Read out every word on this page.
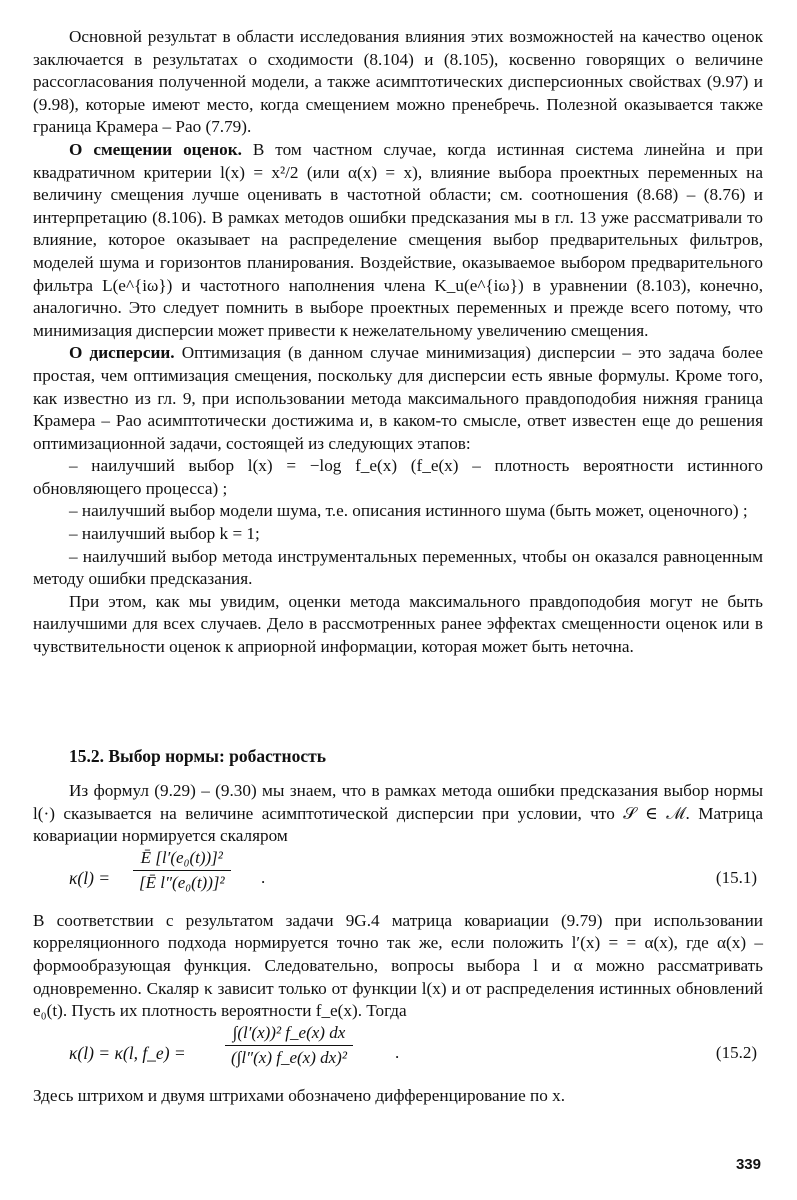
Основной результат в области исследования влияния этих возможностей на качество оценок заключается в результатах о сходимости (8.104) и (8.105), косвенно говорящих о величине рассогласования полученной модели, а также асимптотических дисперсионных свойствах (9.97) и (9.98), которые имеют место, когда смещением можно пренебречь. Полезной оказывается также граница Крамера – Рао (7.79).

О смещении оценок. В том частном случае, когда истинная система линейна и при квадратичном критерии l(x) = x²/2 (или α(x) = x), влияние выбора проектных переменных на величину смещения лучше оценивать в частотной области; см. соотношения (8.68) – (8.76) и интерпретацию (8.106). В рамках методов ошибки предсказания мы в гл. 13 уже рассматривали то влияние, которое оказывает на распределение смещения выбор предварительных фильтров, моделей шума и горизонтов планирования. Воздействие, оказываемое выбором предварительного фильтра L(e^{iω}) и частотного наполнения члена K_u(e^{iω}) в уравнении (8.103), конечно, аналогично. Это следует помнить в выборе проектных переменных и прежде всего потому, что минимизация дисперсии может привести к нежелательному увеличению смещения.

О дисперсии. Оптимизация (в данном случае минимизация) дисперсии – это задача более простая, чем оптимизация смещения, поскольку для дисперсии есть явные формулы. Кроме того, как известно из гл. 9, при использовании метода максимального правдоподобия нижняя граница Крамера – Рао асимптотически достижима и, в каком-то смысле, ответ известен еще до решения оптимизационной задачи, состоящей из следующих этапов:

– наилучший выбор l(x) = −log f_e(x) (f_e(x) – плотность вероятности истинного обновляющего процесса) ;

– наилучший выбор модели шума, т.е. описания истинного шума (быть может, оценочного) ;

– наилучший выбор k = 1;

– наилучший выбор метода инструментальных переменных, чтобы он оказался равноценным методу ошибки предсказания.

При этом, как мы увидим, оценки метода максимального правдоподобия могут не быть наилучшими для всех случаев. Дело в рассмотренных ранее эффектах смещенности оценок или в чувствительности оценок к априорной информации, которая может быть неточна.

15.2. Выбор нормы: робастность

Из формул (9.29) – (9.30) мы знаем, что в рамках метода ошибки предсказания выбор нормы l(·) сказывается на величине асимптотической дисперсии при условии, что 𝒮 ∈ ℳ. Матрица ковариации нормируется скаляром

$\kappa(l) = \frac{\text{Ē [l′(e₀(t))]²}}{\text{[Ē l″(e₀(t))]²}}$ .	(15.1)

В соответствии с результатом задачи 9G.4 матрица ковариации (9.79) при использовании корреляционного подхода нормируется точно так же, если положить l′(x) = = α(x), где α(x) – формообразующая функция. Следовательно, вопросы выбора l и α можно рассматривать одновременно. Скаляр κ зависит только от функции l(x) и от распределения истинных обновлений e₀(t). Пусть их плотность вероятности f_e(x). Тогда

κ(l) = κ(l, f_e) = $\frac{\text{∫(l′(x))² f\_e(x) dx}}{\text{(∫l″(x) f\_e(x) dx)²}}$ .	(15.2)

Здесь штрихом и двумя штрихами обозначено дифференцирование по x.

339
